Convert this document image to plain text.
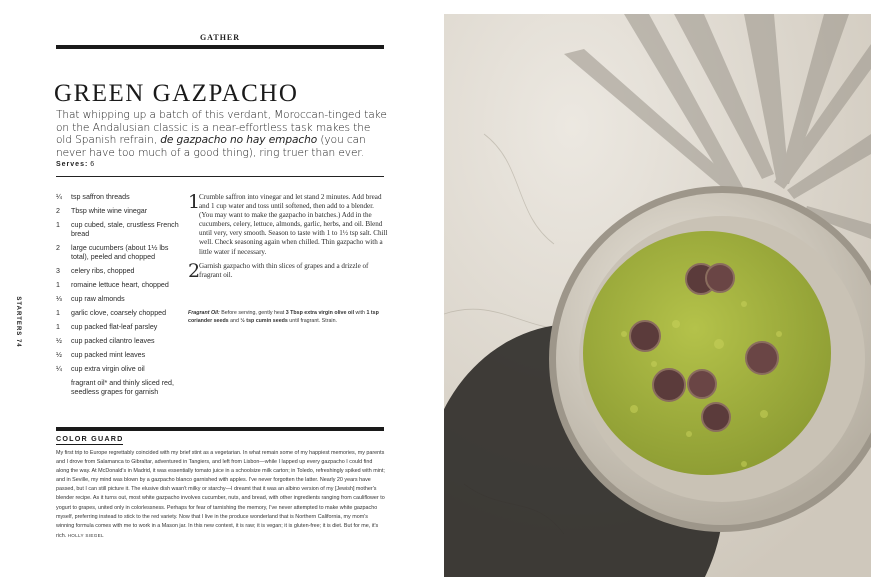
GATHER
GREEN GAZPACHO

That whipping up a batch of this verdant, Moroccan-tinged take on the Andalusian classic is a near-effortless task makes the old Spanish refrain, de gazpacho no hay empacho (you can never have too much of a good thing), ring truer than ever.

Serves: 6
¼	tsp saffron threads
2	Tbsp white wine vinegar
1	cup cubed, stale, crustless French bread
2	large cucumbers (about 1½ lbs total), peeled and chopped
3	celery ribs, chopped
1	romaine lettuce heart, chopped
⅓	cup raw almonds
1	garlic clove, coarsely chopped
1	cup packed flat-leaf parsley
½	cup packed cilantro leaves
½	cup packed mint leaves
¼	cup extra virgin olive oil
fragrant oil* and thinly sliced red, seedless grapes for garnish
1
Crumble saffron into vinegar and let stand 2 minutes. Add bread and 1 cup water and toss until softened, then add to a blender. (You may want to make the gazpacho in batches.) Add in the cucumbers, celery, lettuce, almonds, garlic, herbs, and oil. Blend until very, very smooth. Season to taste with 1 to 1½ tsp salt. Chill well. Check seasoning again when chilled. Thin gazpacho with a little water if necessary.
2
Garnish gazpacho with thin slices of grapes and a drizzle of fragrant oil.

Fragrant Oil: Before serving, gently heat 3 Tbsp extra virgin olive oil with 1 tsp coriander seeds and ½ tsp cumin seeds until fragrant. Strain.

STARTERS 74
COLOR GUARD

My first trip to Europe regrettably coincided with my brief stint as a vegetarian. In what remain some of my happiest memories, my parents and I drove from Salamanca to Gibraltar, adventured in Tangiers, and left from Lisbon—while I lapped up every gazpacho I could find along the way. At McDonald's in Madrid, it was essentially tomato juice in a schoolsize milk carton; in Toledo, refreshingly spiked with mint; and in Seville, my mind was blown by a gazpacho blanco garnished with apples. I've never forgotten the latter. Nearly 20 years have passed, but I can still picture it. The elusive dish wasn't milky or starchy—I dreamt that it was an albino version of my [Jewish] mother's blender recipe. As it turns out, most white gazpacho involves cucumber, nuts, and bread, with other ingredients ranging from cauliflower to yogurt to grapes, united only in colorlessness. Perhaps for fear of tarnishing the memory, I've never attempted to make white gazpacho myself, preferring instead to stick to the red variety. Now that I live in the produce wonderland that is Northern California, my mom's winning formula comes with me to work in a Mason jar. In this new context, it is raw; it is vegan; it is gluten-free; it is diet. But for me, it's rich. HOLLY SIEGEL
